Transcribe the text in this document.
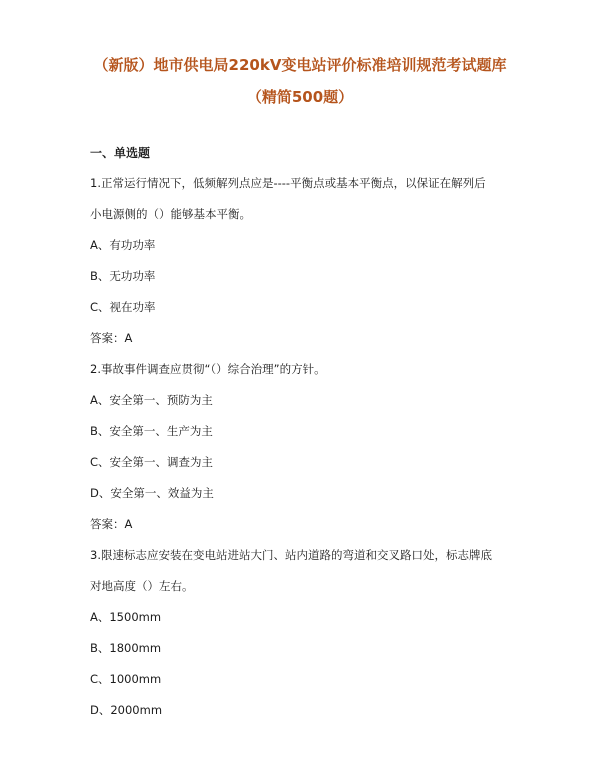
（新版）地市供电局220kV变电站评价标准培训规范考试题库
（精简500题）
一、单选题
1.正常运行情况下，低频解列点应是----平衡点或基本平衡点，以保证在解列后
小电源侧的（）能够基本平衡。
A、有功功率
B、无功功率
C、视在功率
答案：A
2.事故事件调查应贯彻“（）综合治理”的方针。
A、安全第一、预防为主
B、安全第一、生产为主
C、安全第一、调查为主
D、安全第一、效益为主
答案：A
3.限速标志应安装在变电站进站大门、站内道路的弯道和交叉路口处，标志牌底
对地高度（）左右。
A、1500mm
B、1800mm
C、1000mm
D、2000mm
